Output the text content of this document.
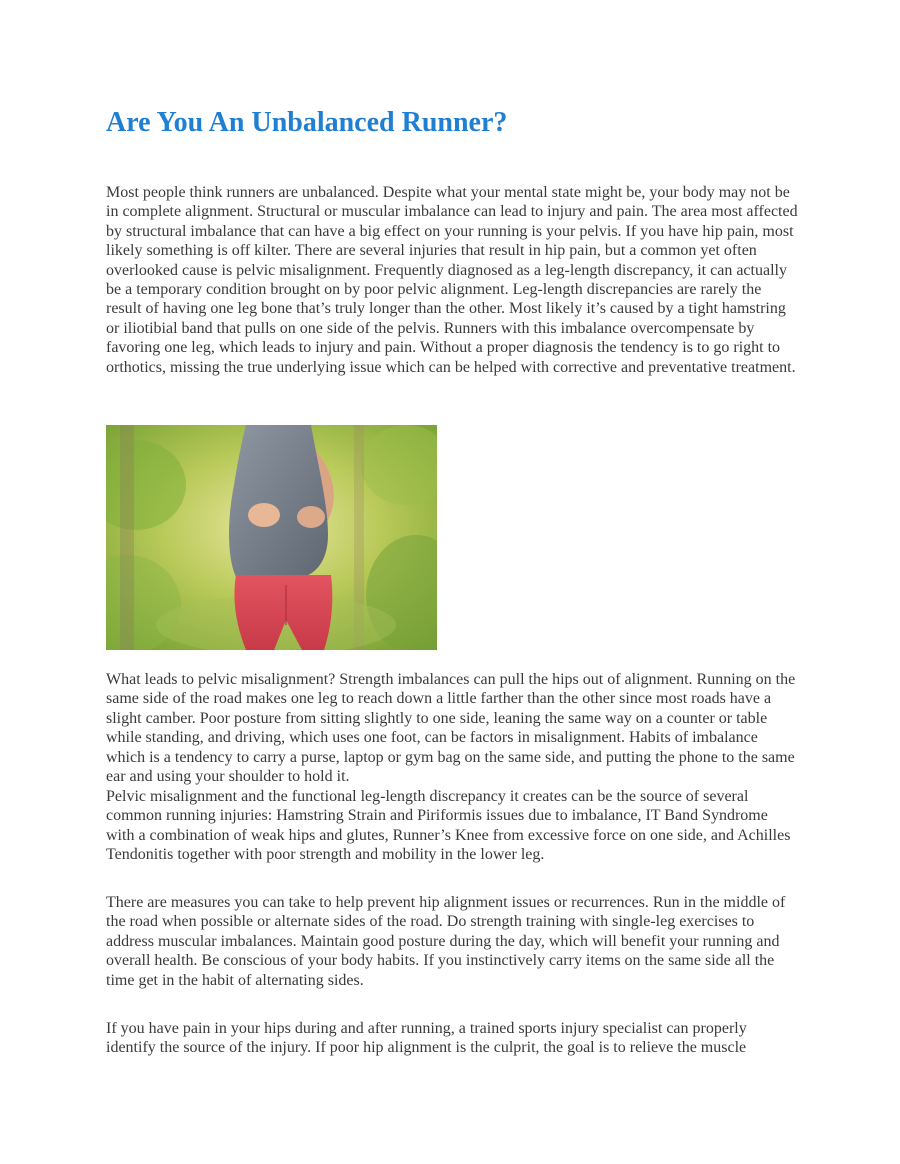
Are You An Unbalanced Runner?

Most people think runners are unbalanced. Despite what your mental state might be, your body may not be in complete alignment. Structural or muscular imbalance can lead to injury and pain. The area most affected by structural imbalance that can have a big effect on your running is your pelvis. If you have hip pain, most likely something is off kilter. There are several injuries that result in hip pain, but a common yet often overlooked cause is pelvic misalignment. Frequently diagnosed as a leg-length discrepancy, it can actually be a temporary condition brought on by poor pelvic alignment. Leg-length discrepancies are rarely the result of having one leg bone that’s truly longer than the other. Most likely it’s caused by a tight hamstring or iliotibial band that pulls on one side of the pelvis. Runners with this imbalance overcompensate by favoring one leg, which leads to injury and pain. Without a proper diagnosis the tendency is to go right to orthotics, missing the true underlying issue which can be helped with corrective and preventative treatment.

What leads to pelvic misalignment? Strength imbalances can pull the hips out of alignment. Running on the same side of the road makes one leg to reach down a little farther than the other since most roads have a slight camber. Poor posture from sitting slightly to one side, leaning the same way on a counter or table while standing, and driving, which uses one foot, can be factors in misalignment. Habits of imbalance which is a tendency to carry a purse, laptop or gym bag on the same side, and putting the phone to the same ear and using your shoulder to hold it.

Pelvic misalignment and the functional leg-length discrepancy it creates can be the source of several common running injuries: Hamstring Strain and Piriformis issues due to imbalance, IT Band Syndrome with a combination of weak hips and glutes, Runner’s Knee from excessive force on one side, and Achilles Tendonitis together with poor strength and mobility in the lower leg.

There are measures you can take to help prevent hip alignment issues or recurrences. Run in the middle of the road when possible or alternate sides of the road. Do strength training with single-leg exercises to address muscular imbalances. Maintain good posture during the day, which will benefit your running and overall health. Be conscious of your body habits. If you instinctively carry items on the same side all the time get in the habit of alternating sides.

If you have pain in your hips during and after running, a trained sports injury specialist can properly identify the source of the injury. If poor hip alignment is the culprit, the goal is to relieve the muscle
